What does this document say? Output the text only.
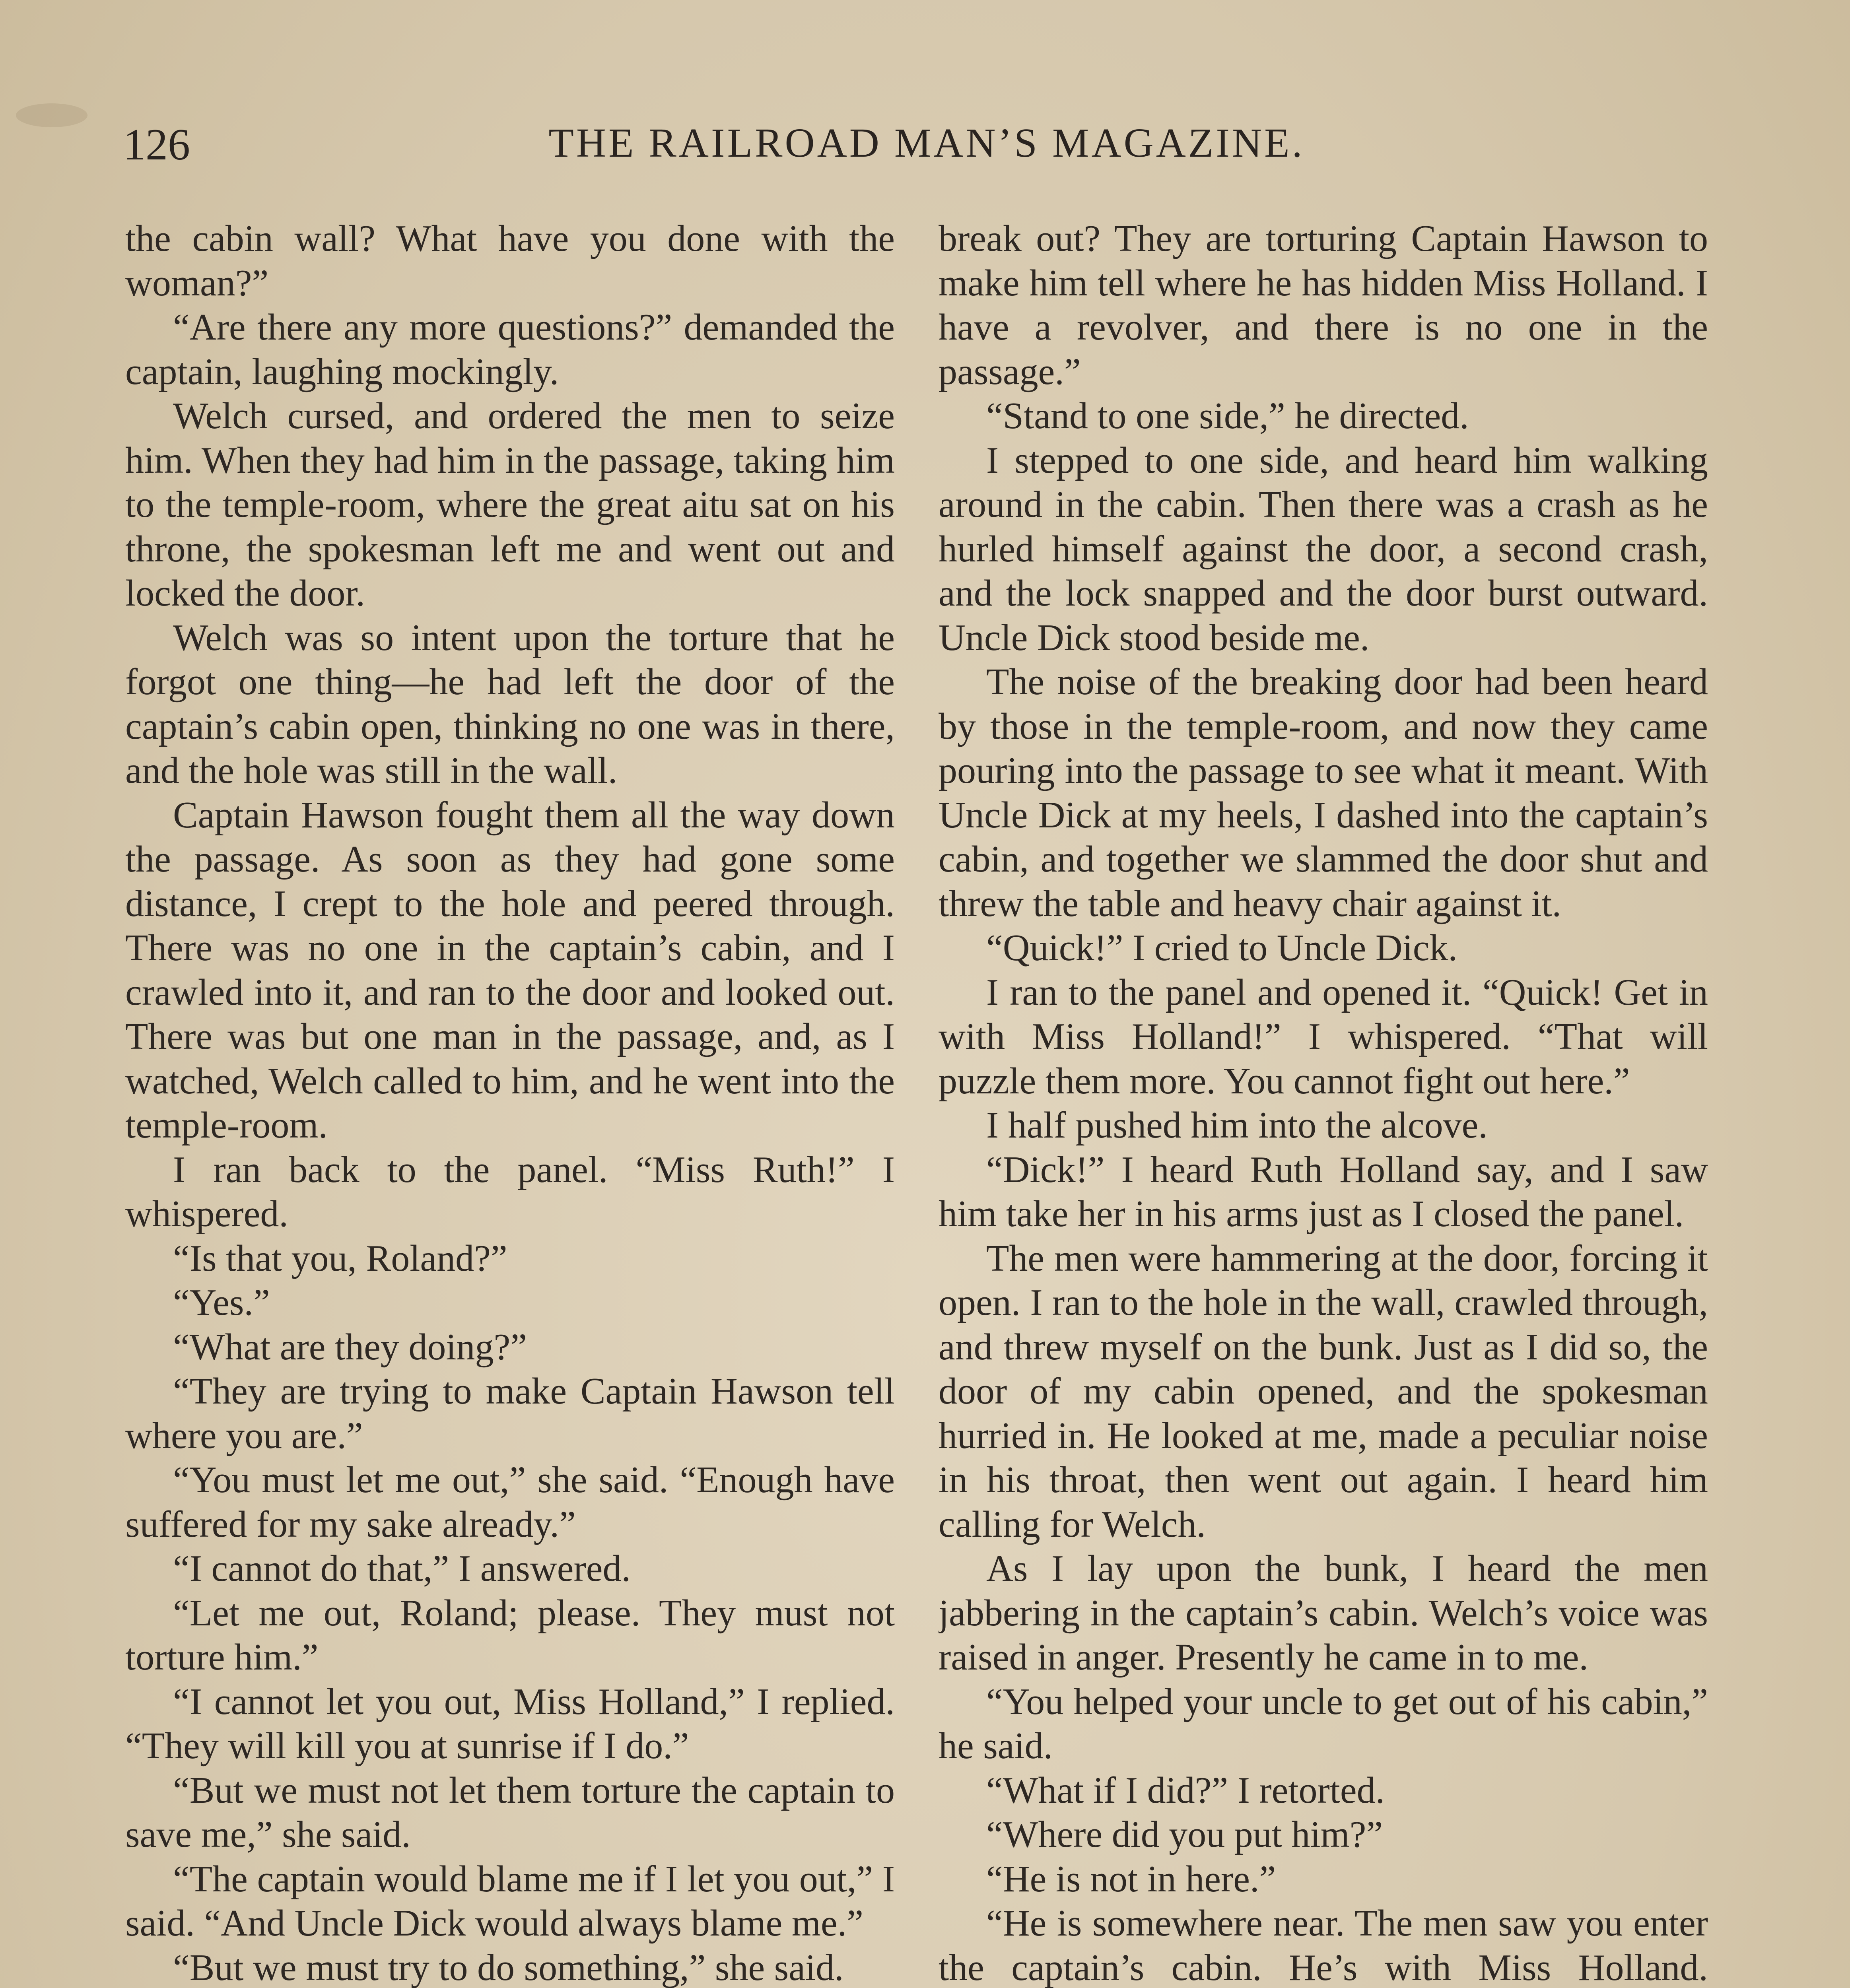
126	THE RAILROAD MAN’S MAGAZINE.

the cabin wall? What have you done with the woman?”

“Are there any more questions?” demanded the captain, laughing mockingly.

Welch cursed, and ordered the men to seize him. When they had him in the passage, taking him to the temple-room, where the great aitu sat on his throne, the spokesman left me and went out and locked the door.

Welch was so intent upon the torture that he forgot one thing—he had left the door of the captain’s cabin open, thinking no one was in there, and the hole was still in the wall.

Captain Hawson fought them all the way down the passage. As soon as they had gone some distance, I crept to the hole and peered through. There was no one in the captain’s cabin, and I crawled into it, and ran to the door and looked out. There was but one man in the passage, and, as I watched, Welch called to him, and he went into the temple-room.

I ran back to the panel. “Miss Ruth!” I whispered.

“Is that you, Roland?”

“Yes.”

“What are they doing?”

“They are trying to make Captain Hawson tell where you are.”

“You must let me out,” she said. “Enough have suffered for my sake already.”

“I cannot do that,” I answered.

“Let me out, Roland; please. They must not torture him.”

“I cannot let you out, Miss Holland,” I replied. “They will kill you at sunrise if I do.”

“But we must not let them torture the captain to save me,” she said.

“The captain would blame me if I let you out,” I said. “And Uncle Dick would always blame me.”

“But we must try to do something,” she said.

break out? They are torturing Captain Hawson to make him tell where he has hidden Miss Holland. I have a revolver, and there is no one in the passage.”

“Stand to one side,” he directed.

I stepped to one side, and heard him walking around in the cabin. Then there was a crash as he hurled himself against the door, a second crash, and the lock snapped and the door burst outward. Uncle Dick stood beside me.

The noise of the breaking door had been heard by those in the temple-room, and now they came pouring into the passage to see what it meant. With Uncle Dick at my heels, I dashed into the captain’s cabin, and together we slammed the door shut and threw the table and heavy chair against it.

“Quick!” I cried to Uncle Dick.

I ran to the panel and opened it. “Quick! Get in with Miss Holland!” I whispered. “That will puzzle them more. You cannot fight out here.”

I half pushed him into the alcove.

“Dick!” I heard Ruth Holland say, and I saw him take her in his arms just as I closed the panel.

The men were hammering at the door, forcing it open. I ran to the hole in the wall, crawled through, and threw myself on the bunk. Just as I did so, the door of my cabin opened, and the spokesman hurried in. He looked at me, made a peculiar noise in his throat, then went out again. I heard him calling for Welch.

As I lay upon the bunk, I heard the men jabbering in the captain’s cabin. Welch’s voice was raised in anger. Presently he came in to me.

“You helped your uncle to get out of his cabin,” he said.

“What if I did?” I retorted.

“Where did you put him?”

“He is not in here.”

“He is somewhere near. The men saw you enter the captain’s cabin. He’s with Miss Holland.
